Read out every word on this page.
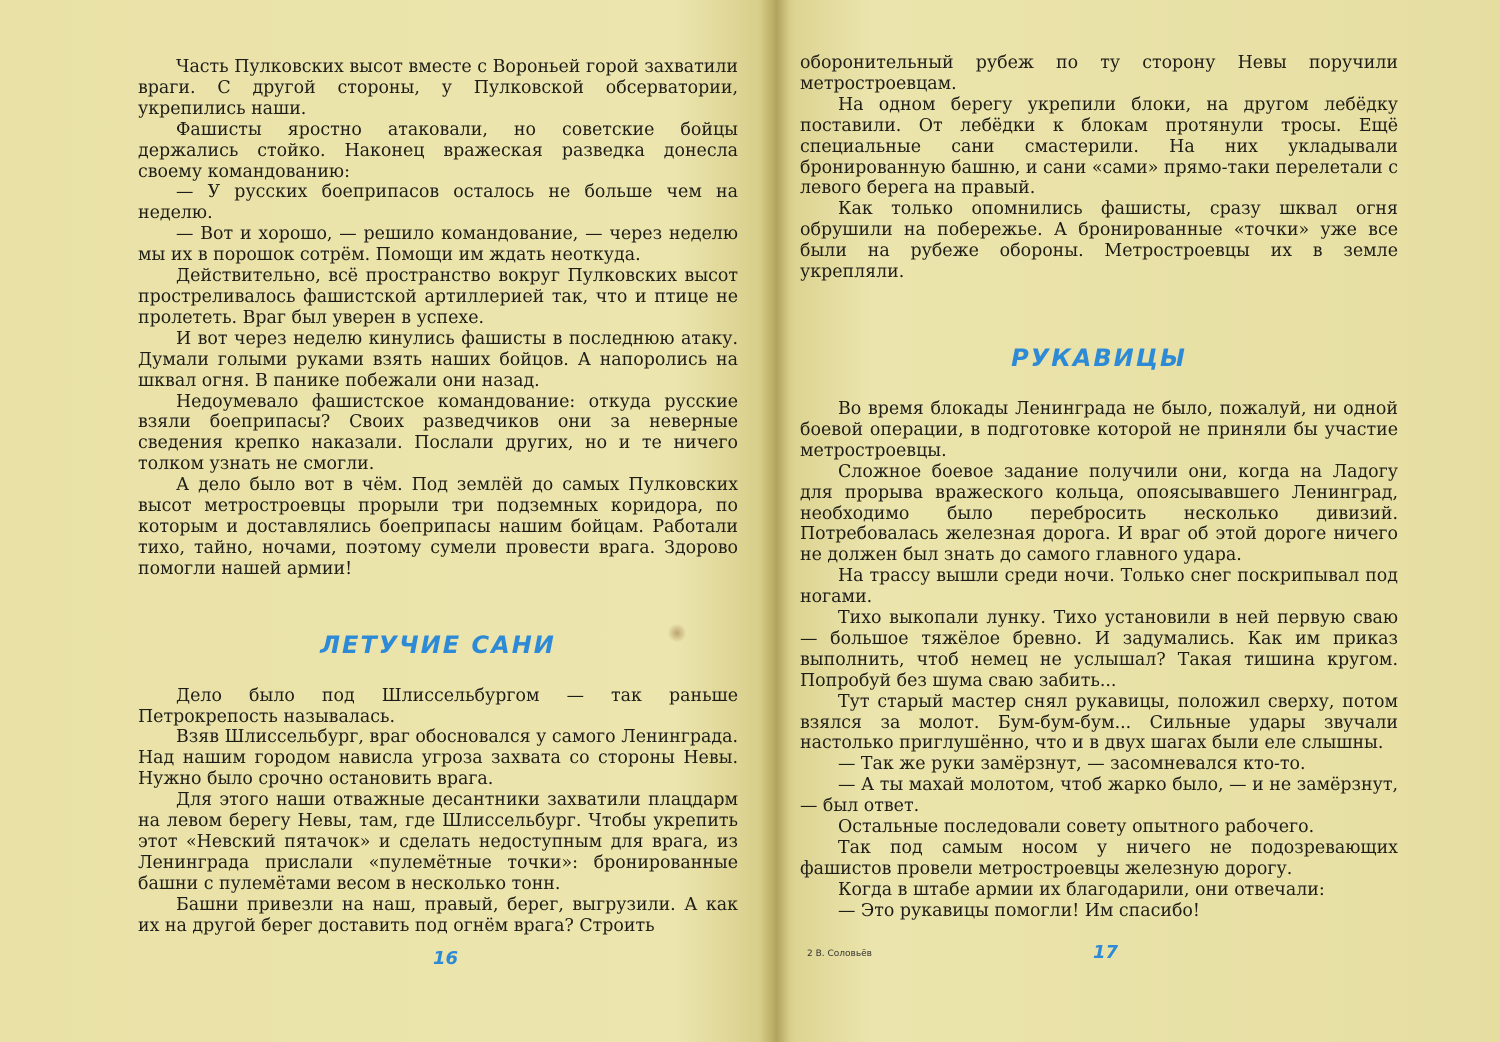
Часть Пулковских высот вместе с Вороньей горой захватили враги. С другой стороны, у Пулковской обсерватории, укрепились наши.

Фашисты яростно атаковали, но советские бойцы держались стойко. Наконец вражеская разведка донесла своему командованию:

— У русских боеприпасов осталось не больше чем на неделю.

— Вот и хорошо, — решило командование, — через неделю мы их в порошок сотрём. Помощи им ждать неоткуда.

Действительно, всё пространство вокруг Пулковских высот простреливалось фашистской артиллерией так, что и птице не пролететь. Враг был уверен в успехе.

И вот через неделю кинулись фашисты в последнюю атаку. Думали голыми руками взять наших бойцов. А напоролись на шквал огня. В панике побежали они назад.

Недоумевало фашистское командование: откуда русские взяли боеприпасы? Своих разведчиков они за неверные сведения крепко наказали. Послали других, но и те ничего толком узнать не смогли.

А дело было вот в чём. Под землёй до самых Пулковских высот метростроевцы прорыли три подземных коридора, по которым и доставлялись боеприпасы нашим бойцам. Работали тихо, тайно, ночами, поэтому сумели провести врага. Здорово помогли нашей армии!

ЛЕТУЧИЕ САНИ

Дело было под Шлиссельбургом — так раньше Петрокрепость называлась.

Взяв Шлиссельбург, враг обосновался у самого Ленинграда. Над нашим городом нависла угроза захвата со стороны Невы. Нужно было срочно остановить врага.

Для этого наши отважные десантники захватили плацдарм на левом берегу Невы, там, где Шлиссельбург. Чтобы укрепить этот «Невский пятачок» и сделать недоступным для врага, из Ленинграда прислали «пулемётные точки»: бронированные башни с пулемётами весом в несколько тонн.

Башни привезли на наш, правый, берег, выгрузили. А как их на другой берег доставить под огнём врага? Строить

16

оборонительный рубеж по ту сторону Невы поручили метростроевцам.

На одном берегу укрепили блоки, на другом лебёдку поставили. От лебёдки к блокам протянули тросы. Ещё специальные сани смастерили. На них укладывали бронированную башню, и сани «сами» прямо-таки перелетали с левого берега на правый.

Как только опомнились фашисты, сразу шквал огня обрушили на побережье. А бронированные «точки» уже все были на рубеже обороны. Метростроевцы их в земле укрепляли.

РУКАВИЦЫ

Во время блокады Ленинграда не было, пожалуй, ни одной боевой операции, в подготовке которой не приняли бы участие метростроевцы.

Сложное боевое задание получили они, когда на Ладогу для прорыва вражеского кольца, опоясывавшего Ленинград, необходимо было перебросить несколько дивизий. Потребовалась железная дорога. И враг об этой дороге ничего не должен был знать до самого главного удара.

На трассу вышли среди ночи. Только снег поскрипывал под ногами.

Тихо выкопали лунку. Тихо установили в ней первую сваю — большое тяжёлое бревно. И задумались. Как им приказ выполнить, чтоб немец не услышал? Такая тишина кругом. Попробуй без шума сваю забить...

Тут старый мастер снял рукавицы, положил сверху, потом взялся за молот. Бум-бум-бум... Сильные удары звучали настолько приглушённо, что и в двух шагах были еле слышны.

— Так же руки замёрзнут, — засомневался кто-то.

— А ты махай молотом, чтоб жарко было, — и не замёрзнут, — был ответ.

Остальные последовали совету опытного рабочего.

Так под самым носом у ничего не подозревающих фашистов провели метростроевцы железную дорогу.

Когда в штабе армии их благодарили, они отвечали:

— Это рукавицы помогли! Им спасибо!

2 В. Соловьёв	17
